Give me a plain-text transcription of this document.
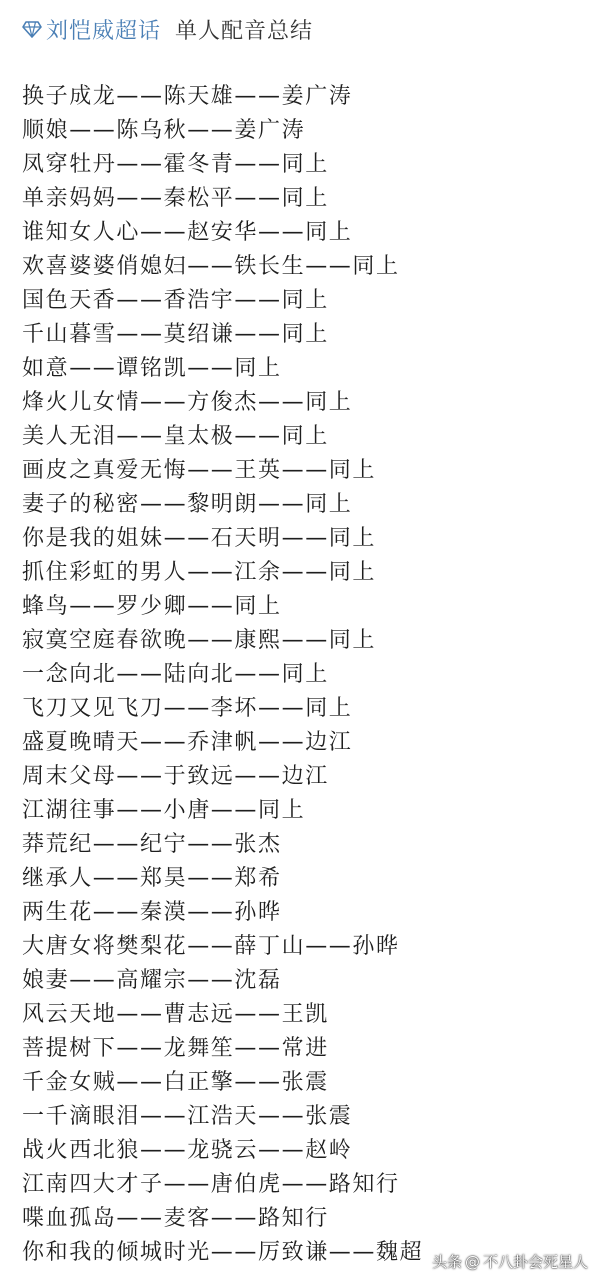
刘恺威超话 单人配音总结
换子成龙——陈天雄——姜广涛
顺娘——陈乌秋——姜广涛
凤穿牡丹——霍冬青——同上
单亲妈妈——秦松平——同上
谁知女人心——赵安华——同上
欢喜婆婆俏媳妇——铁长生——同上
国色天香——香浩宇——同上
千山暮雪——莫绍谦——同上
如意——谭铭凯——同上
烽火儿女情——方俊杰——同上
美人无泪——皇太极——同上
画皮之真爱无悔——王英——同上
妻子的秘密——黎明朗——同上
你是我的姐妹——石天明——同上
抓住彩虹的男人——江余——同上
蜂鸟——罗少卿——同上
寂寞空庭春欲晚——康熙——同上
一念向北——陆向北——同上
飞刀又见飞刀——李坏——同上
盛夏晚晴天——乔津帆——边江
周末父母——于致远——边江
江湖往事——小唐——同上
莽荒纪——纪宁——张杰
继承人——郑昊——郑希
两生花——秦漠——孙晔
大唐女将樊梨花——薛丁山——孙晔
娘妻——高耀宗——沈磊
风云天地——曹志远——王凯
菩提树下——龙舞笙——常进
千金女贼——白正擎——张震
一千滴眼泪——江浩天——张震
战火西北狼——龙骁云——赵岭
江南四大才子——唐伯虎——路知行
喋血孤岛——麦客——路知行
你和我的倾城时光——厉致谦——魏超 头条 @ 不八卦会死星人
